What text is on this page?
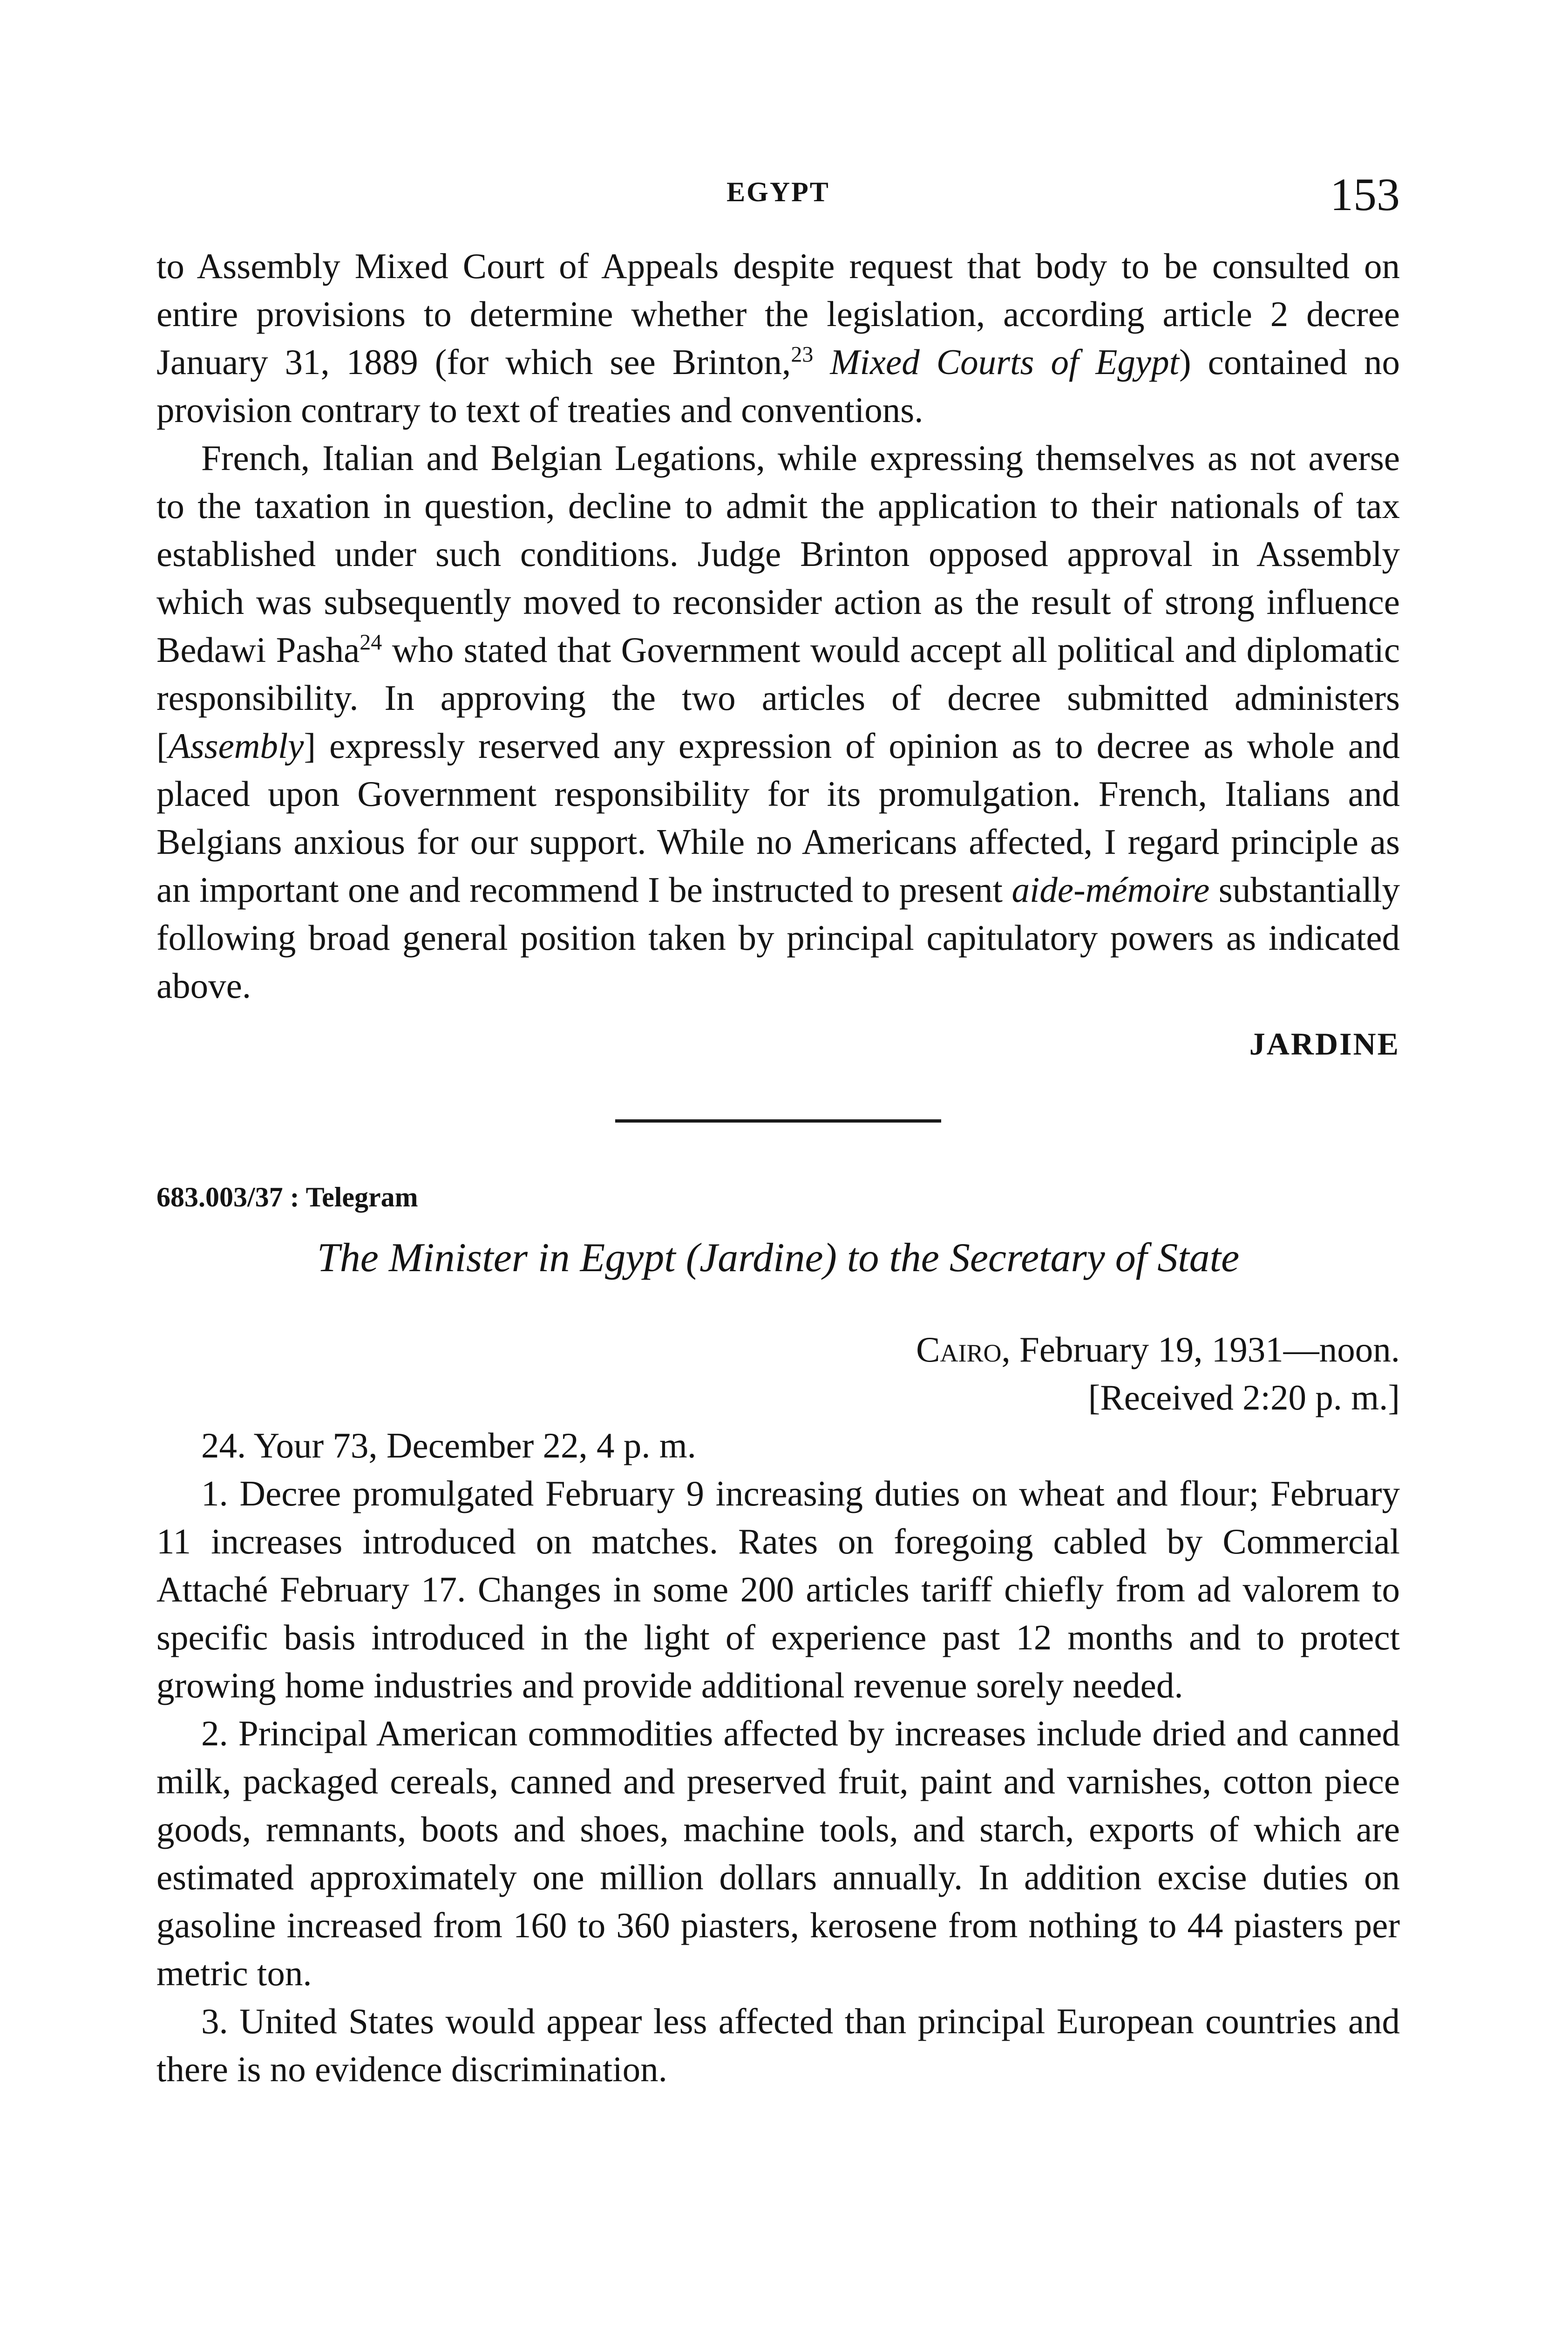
EGYPT	153

to Assembly Mixed Court of Appeals despite request that body to be consulted on entire provisions to determine whether the legislation, according article 2 decree January 31, 1889 (for which see Brinton,$^{23}$ Mixed Courts of Egypt) contained no provision contrary to text of treaties and conventions.

French, Italian and Belgian Legations, while expressing themselves as not averse to the taxation in question, decline to admit the application to their nationals of tax established under such conditions. Judge Brinton opposed approval in Assembly which was subsequently moved to reconsider action as the result of strong influence Bedawi Pasha$^{24}$ who stated that Government would accept all political and diplomatic responsibility. In approving the two articles of decree submitted administers [Assembly] expressly reserved any expression of opinion as to decree as whole and placed upon Government responsibility for its promulgation. French, Italians and Belgians anxious for our support. While no Americans affected, I regard principle as an important one and recommend I be instructed to present aide-mémoire substantially following broad general position taken by principal capitulatory powers as indicated above.

JARDINE
683.003/37 : Telegram
The Minister in Egypt (Jardine) to the Secretary of State
Cairo, February 19, 1931—noon.
[Received 2:20 p. m.]

24. Your 73, December 22, 4 p. m.

1. Decree promulgated February 9 increasing duties on wheat and flour; February 11 increases introduced on matches. Rates on foregoing cabled by Commercial Attaché February 17. Changes in some 200 articles tariff chiefly from ad valorem to specific basis introduced in the light of experience past 12 months and to protect growing home industries and provide additional revenue sorely needed.

2. Principal American commodities affected by increases include dried and canned milk, packaged cereals, canned and preserved fruit, paint and varnishes, cotton piece goods, remnants, boots and shoes, machine tools, and starch, exports of which are estimated approximately one million dollars annually. In addition excise duties on gasoline increased from 160 to 360 piasters, kerosene from nothing to 44 piasters per metric ton.

3. United States would appear less affected than principal European countries and there is no evidence discrimination.
